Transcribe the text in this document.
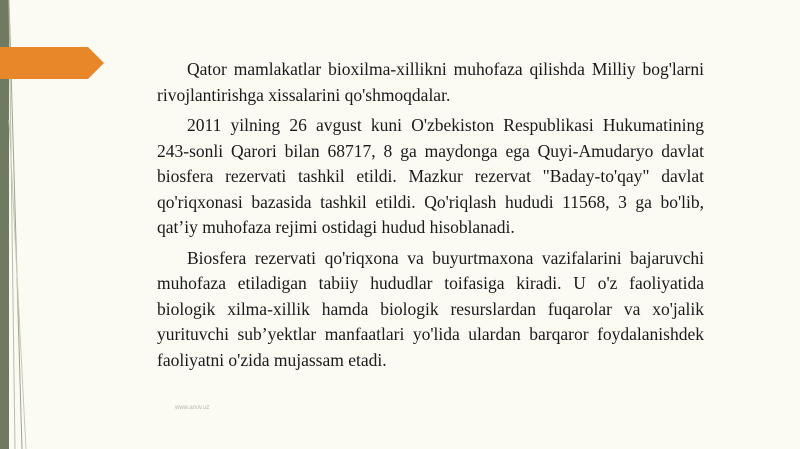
Qator mamlakatlar bioxilma-xillikni muhofaza qilishda Milliy bog'larni rivojlantirishga xissalarini qo'shmoqdalar.

2011 yilning 26 avgust kuni O'zbekiston Respublikasi Hukumatining 243-sonli Qarori bilan 68717, 8 ga maydonga ega Quyi-Amudaryo davlat biosfera rezervati tashkil etildi. Mazkur rezervat "Baday-to'qay" davlat qo'riqxonasi bazasida tashkil etildi. Qo'riqlash hududi 11568, 3 ga bo'lib, qat’iy muhofaza rejimi ostidagi hudud hisoblanadi.

Biosfera rezervati qo'riqxona va buyurtmaxona vazifalarini bajaruvchi muhofaza etiladigan tabiiy hududlar toifasiga kiradi. U o'z faoliyatida biologik xilma-xillik hamda biologik resurslardan fuqarolar va xo'jalik yurituvchi sub’yektlar manfaatlari yo'lida ulardan barqaror foydalanishdek faoliyatni o'zida mujassam etadi.

www.arxiv.uz
